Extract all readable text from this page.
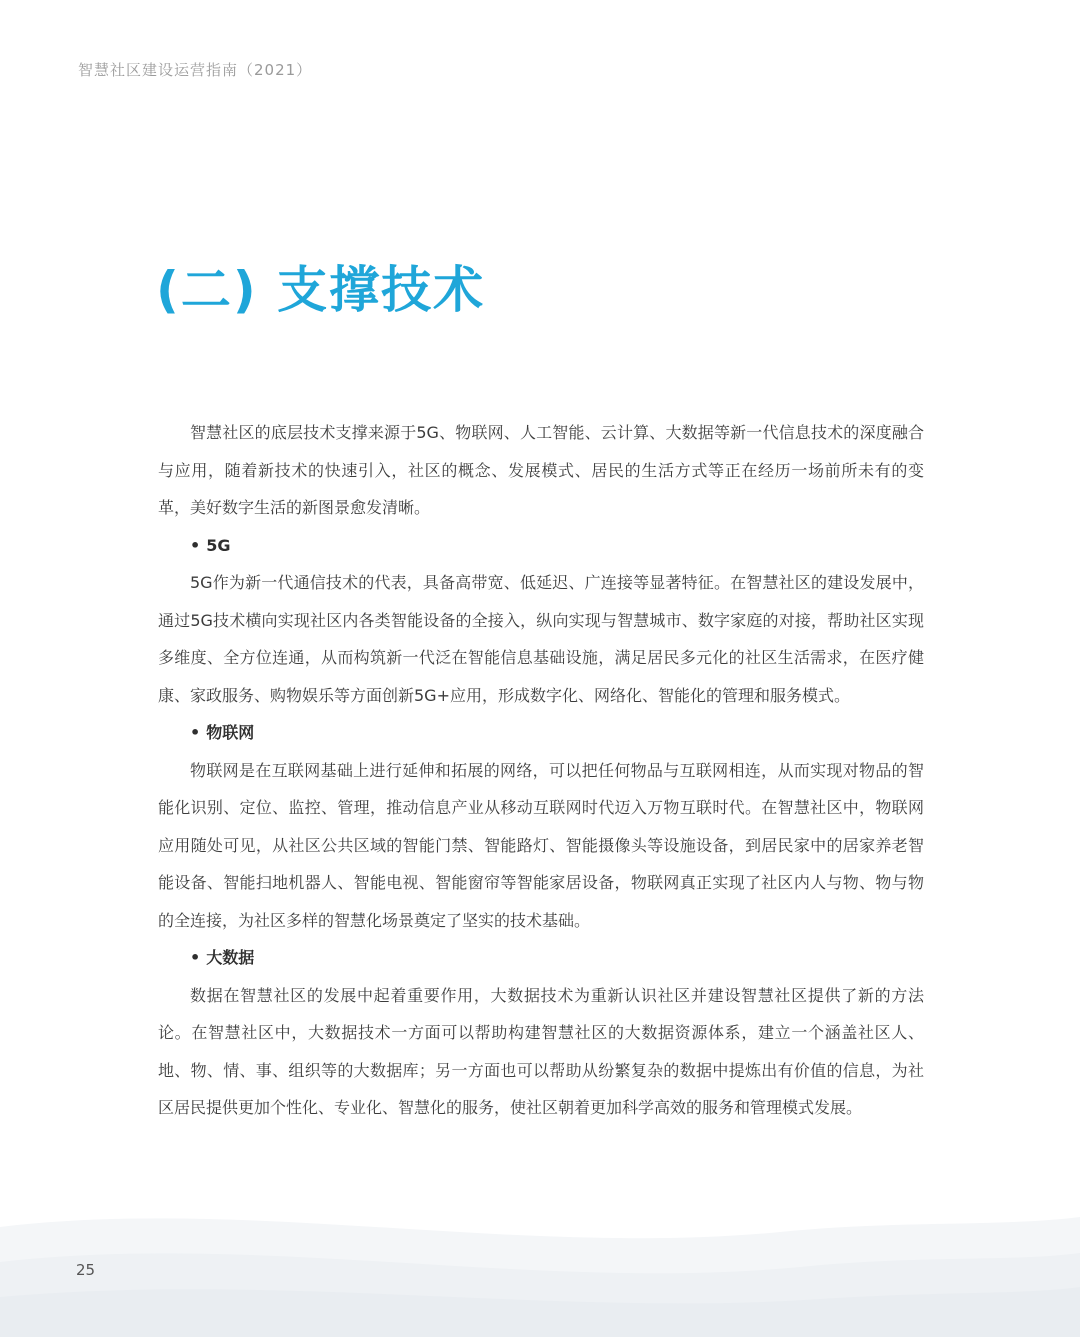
智慧社区建设运营指南（2021）
(二) 支撑技术

智慧社区的底层技术支撑来源于5G、物联网、人工智能、云计算、大数据等新一代信息技术的深度融合与应用，随着新技术的快速引入，社区的概念、发展模式、居民的生活方式等正在经历一场前所未有的变革，美好数字生活的新图景愈发清晰。

• 5G

5G作为新一代通信技术的代表，具备高带宽、低延迟、广连接等显著特征。在智慧社区的建设发展中，通过5G技术横向实现社区内各类智能设备的全接入，纵向实现与智慧城市、数字家庭的对接，帮助社区实现多维度、全方位连通，从而构筑新一代泛在智能信息基础设施，满足居民多元化的社区生活需求，在医疗健康、家政服务、购物娱乐等方面创新5G+应用，形成数字化、网络化、智能化的管理和服务模式。

• 物联网

物联网是在互联网基础上进行延伸和拓展的网络，可以把任何物品与互联网相连，从而实现对物品的智能化识别、定位、监控、管理，推动信息产业从移动互联网时代迈入万物互联时代。在智慧社区中，物联网应用随处可见，从社区公共区域的智能门禁、智能路灯、智能摄像头等设施设备，到居民家中的居家养老智能设备、智能扫地机器人、智能电视、智能窗帘等智能家居设备，物联网真正实现了社区内人与物、物与物的全连接，为社区多样的智慧化场景奠定了坚实的技术基础。

• 大数据

数据在智慧社区的发展中起着重要作用，大数据技术为重新认识社区并建设智慧社区提供了新的方法论。在智慧社区中，大数据技术一方面可以帮助构建智慧社区的大数据资源体系，建立一个涵盖社区人、地、物、情、事、组织等的大数据库；另一方面也可以帮助从纷繁复杂的数据中提炼出有价值的信息，为社区居民提供更加个性化、专业化、智慧化的服务，使社区朝着更加科学高效的服务和管理模式发展。

25
